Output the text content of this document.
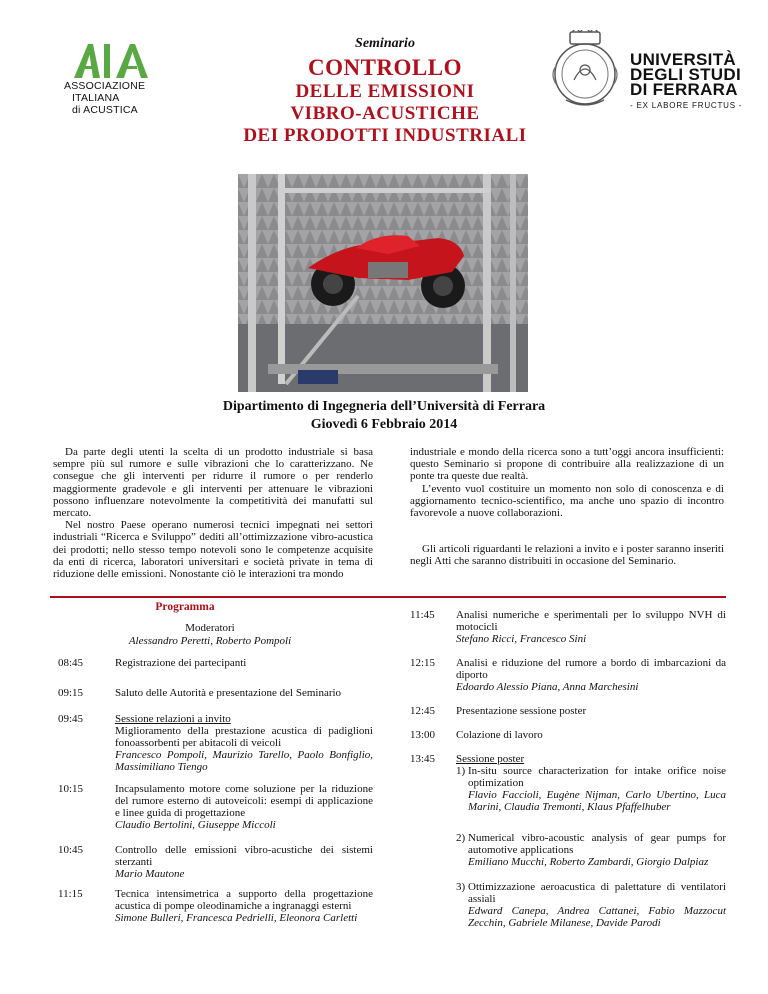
ASSOCIAZIONE
ITALIANA
di ACUSTICA
Seminario
CONTROLLO
DELLE EMISSIONI
VIBRO-ACUSTICHE
DEI PRODOTTI INDUSTRIALI
UNIVERSITÀ
DEGLI STUDI
DI FERRARA
- EX LABORE FRUCTUS -
Dipartimento di Ingegneria dell’Università di Ferrara
Giovedì 6 Febbraio 2014

Da parte degli utenti la scelta di un prodotto industriale si basa sempre più sul rumore e sulle vibrazioni che lo caratterizzano. Ne consegue che gli interventi per ridurre il rumore o per renderlo maggiormente gradevole e gli interventi per attenuare le vibrazioni possono influenzare notevolmente la competitività dei manufatti sul mercato.

Nel nostro Paese operano numerosi tecnici impegnati nei settori industriali “Ricerca e Sviluppo” dediti all’ottimizzazione vibro-acustica dei prodotti; nello stesso tempo notevoli sono le competenze acquisite da enti di ricerca, laboratori universitari e società private in tema di riduzione delle emissioni. Nonostante ciò le interazioni tra mondo

industriale e mondo della ricerca sono a tutt’oggi ancora insufficienti: questo Seminario si propone di contribuire alla realizzazione di un ponte tra queste due realtà.

L’evento vuol costituire un momento non solo di conoscenza e di aggiornamento tecnico-scientifico, ma anche uno spazio di incontro favorevole a nuove collaborazioni.

Gli articoli riguardanti le relazioni a invito e i poster saranno inseriti negli Atti che saranno distribuiti in occasione del Seminario.

Programma
Moderatori
Alessandro Peretti, Roberto Pompoli
08:45	Registrazione dei partecipanti
09:15	Saluto delle Autorità e presentazione del Seminario
09:45	Sessione relazioni a invito
Miglioramento della prestazione acustica di padiglioni fonoassorbenti per abitacoli di veicoli
Francesco Pompoli, Maurizio Tarello, Paolo Bonfiglio, Massimiliano Tiengo
10:15	Incapsulamento motore come soluzione per la riduzione del rumore esterno di autoveicoli: esempi di applicazione e linee guida di progettazione
Claudio Bertolini, Giuseppe Miccoli
10:45	Controllo delle emissioni vibro-acustiche dei sistemi sterzanti
Mario Mautone
11:15	Tecnica intensimetrica a supporto della progettazione acustica di pompe oleodinamiche a ingranaggi esterni
Simone Bulleri, Francesca Pedrielli, Eleonora Carletti
11:45	Analisi numeriche e sperimentali per lo sviluppo NVH di motocicli
Stefano Ricci, Francesco Sini
12:15	Analisi e riduzione del rumore a bordo di imbarcazioni da diporto
Edoardo Alessio Piana, Anna Marchesini
12:45	Presentazione sessione poster
13:00	Colazione di lavoro
13:45	Sessione poster
1) In-situ source characterization for intake orifice noise optimization
Flavio Faccioli, Eugène Nijman, Carlo Ubertino, Luca Marini, Claudia Tremonti, Klaus Pfaffelhuber
2) Numerical vibro-acoustic analysis of gear pumps for automotive applications
Emiliano Mucchi, Roberto Zambardi, Giorgio Dalpiaz
3) Ottimizzazione aeroacustica di palettature di ventilatori assiali
Edward Canepa, Andrea Cattanei, Fabio Mazzocut Zecchin, Gabriele Milanese, Davide Parodi
